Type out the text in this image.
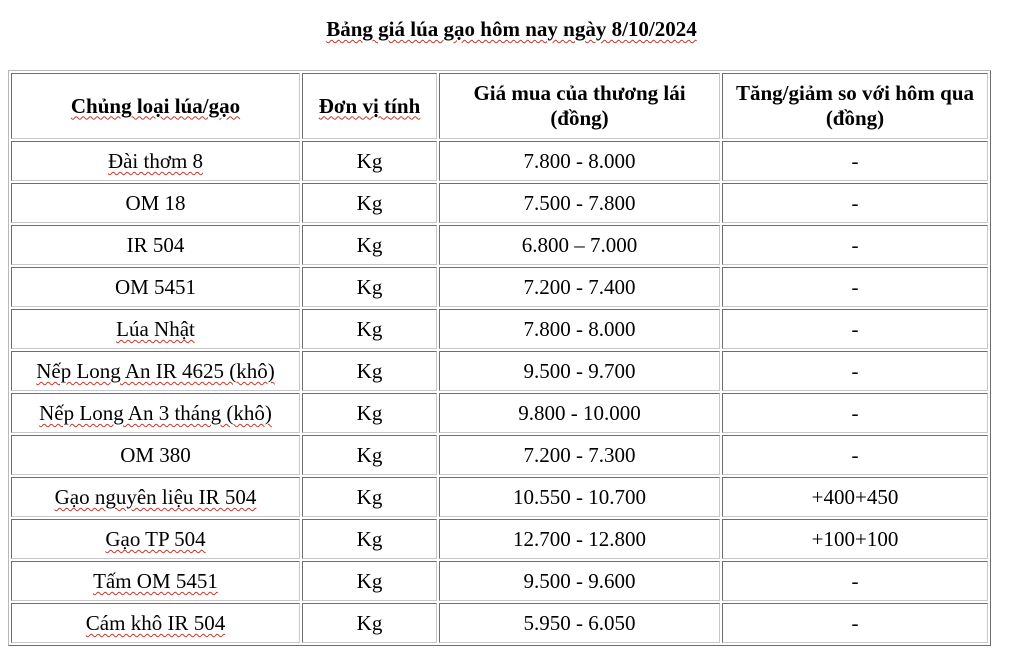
Bảng giá lúa gạo hôm nay ngày 8/10/2024
Chủng loại lúa/gạo	Đơn vị tính	Giá mua của thương lái (đồng)	Tăng/giảm so với hôm qua (đồng)
Đài thơm 8	Kg	7.800 - 8.000	-
OM 18	Kg	7.500 - 7.800	-
IR 504	Kg	6.800 – 7.000	-
OM 5451	Kg	7.200 - 7.400	-
Lúa Nhật	Kg	7.800 - 8.000	-
Nếp Long An IR 4625 (khô)	Kg	9.500 - 9.700	-
Nếp Long An 3 tháng (khô)	Kg	9.800 - 10.000	-
OM 380	Kg	7.200 - 7.300	-
Gạo nguyên liệu IR 504	Kg	10.550 - 10.700	+400+450
Gạo TP 504	Kg	12.700 - 12.800	+100+100
Tấm OM 5451	Kg	9.500 - 9.600	-
Cám khô IR 504	Kg	5.950 - 6.050	-
